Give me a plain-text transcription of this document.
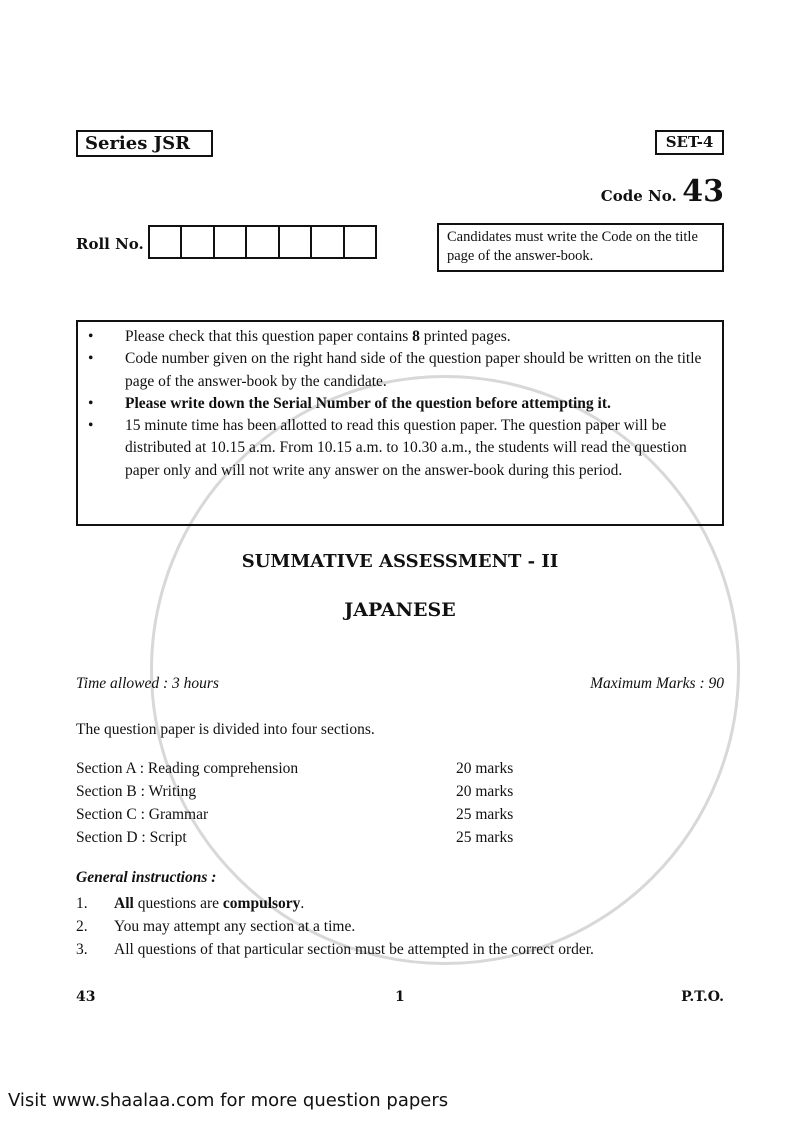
Series JSR	SET-4
Code No. 43
Roll No.	Candidates must write the Code on the title page of the answer-book.
•	Please check that this question paper contains 8 printed pages.
•	Code number given on the right hand side of the question paper should be written on the title page of the answer-book by the candidate.
•	Please write down the Serial Number of the question before attempting it.
•	15 minute time has been allotted to read this question paper. The question paper will be distributed at 10.15 a.m. From 10.15 a.m. to 10.30 a.m., the students will read the question paper only and will not write any answer on the answer-book during this period.
SUMMATIVE ASSESSMENT - II
JAPANESE
Time allowed : 3 hours	Maximum Marks : 90
The question paper is divided into four sections.
Section A : Reading comprehension	20 marks
Section B : Writing	20 marks
Section C : Grammar	25 marks
Section D : Script	25 marks
General instructions :
1.	All questions are compulsory.
2.	You may attempt any section at a time.
3.	All questions of that particular section must be attempted in the correct order.
43	1	P.T.O.
Visit www.shaalaa.com for more question papers
